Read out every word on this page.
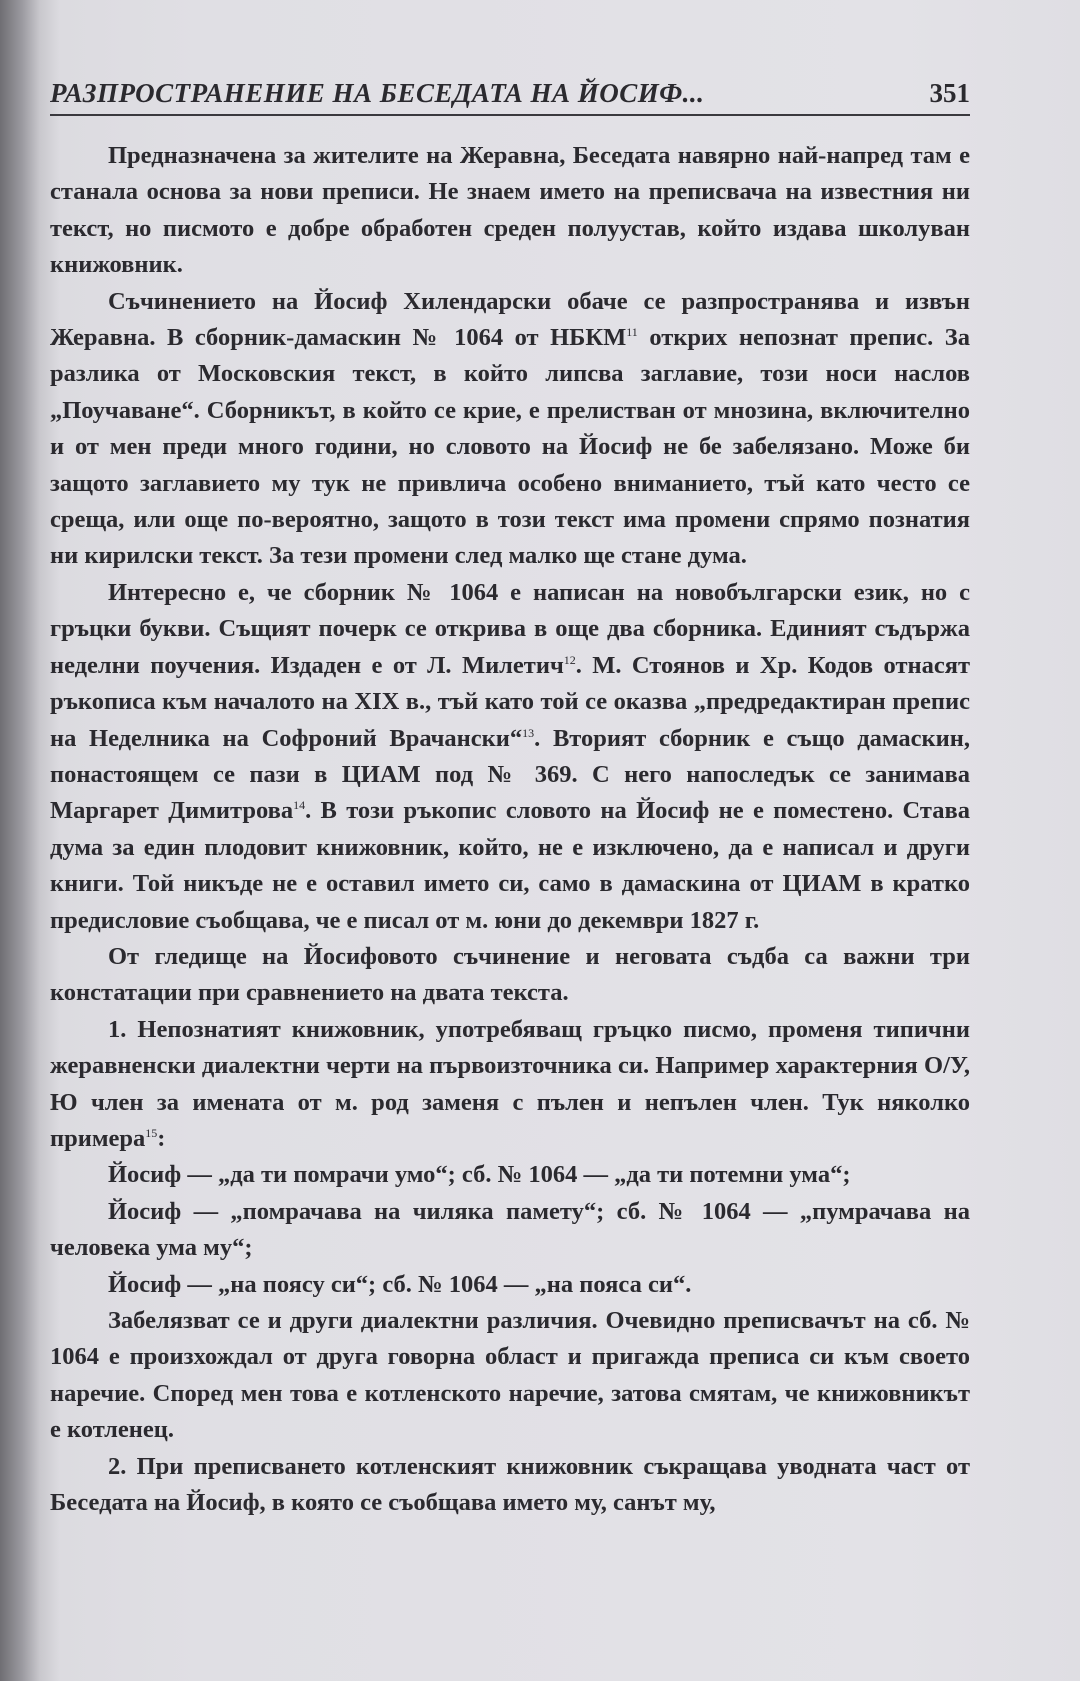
РАЗПРОСТРАНЕНИЕ НА БЕСЕДАТА НА ЙОСИФ...	351

Предназначена за жителите на Жеравна, Беседата навярно най-напред там е станала основа за нови преписи. Не знаем името на преписвача на известния ни текст, но писмото е добре обработен среден полуустав, който издава школуван книжовник.

Съчинението на Йосиф Хилендарски обаче се разпространява и извън Жеравна. В сборник-дамаскин № 1064 от НБКМ$^{11}$ открих непознат препис. За разлика от Московския текст, в който липсва заглавие, този носи наслов „Поучаване“. Сборникът, в който се крие, е прелистван от мнозина, включително и от мен преди много години, но словото на Йосиф не бе забелязано. Може би защото заглавието му тук не привлича особено вниманието, тъй като често се среща, или още по-вероятно, защото в този текст има промени спрямо познатия ни кирилски текст. За тези промени след малко ще стане дума.

Интересно е, че сборник № 1064 е написан на новобългарски език, но с гръцки букви. Същият почерк се открива в още два сборника. Единият съдържа неделни поучения. Издаден е от Л. Милетич$^{12}$. М. Стоянов и Хр. Кодов отнасят ръкописа към началото на XIX в., тъй като той се оказва „предредактиран препис на Неделника на Софроний Врачански“$^{13}$. Вторият сборник е също дамаскин, понастоящем се пази в ЦИАМ под № 369. С него напоследък се занимава Маргарет Димитрова$^{14}$. В този ръкопис словото на Йосиф не е поместено. Става дума за един плодовит книжовник, който, не е изключено, да е написал и други книги. Той никъде не е оставил името си, само в дамаскина от ЦИАМ в кратко предисловие съобщава, че е писал от м. юни до декември 1827 г.

От гледище на Йосифовото съчинение и неговата съдба са важни три констатации при сравнението на двата текста.

1. Непознатият книжовник, употребяващ гръцко писмо, променя типични жеравненски диалектни черти на първоизточника си. Например характерния О/У, Ю член за имената от м. род заменя с пълен и непълен член. Тук няколко примера$^{15}$:

Йосиф — „да ти помрачи умо“; сб. № 1064 — „да ти потемни ума“;

Йосиф — „помрачава на чиляка памету“; сб. № 1064 — „пумрачава на человека ума му“;

Йосиф — „на поясу си“; сб. № 1064 — „на пояса си“.

Забелязват се и други диалектни различия. Очевидно преписвачът на сб. № 1064 е произхождал от друга говорна област и пригажда преписа си към своето наречие. Според мен това е котленското наречие, затова смятам, че книжовникът е котленец.

2. При преписването котленският книжовник съкращава уводната част от Беседата на Йосиф, в която се съобщава името му, санът му,
